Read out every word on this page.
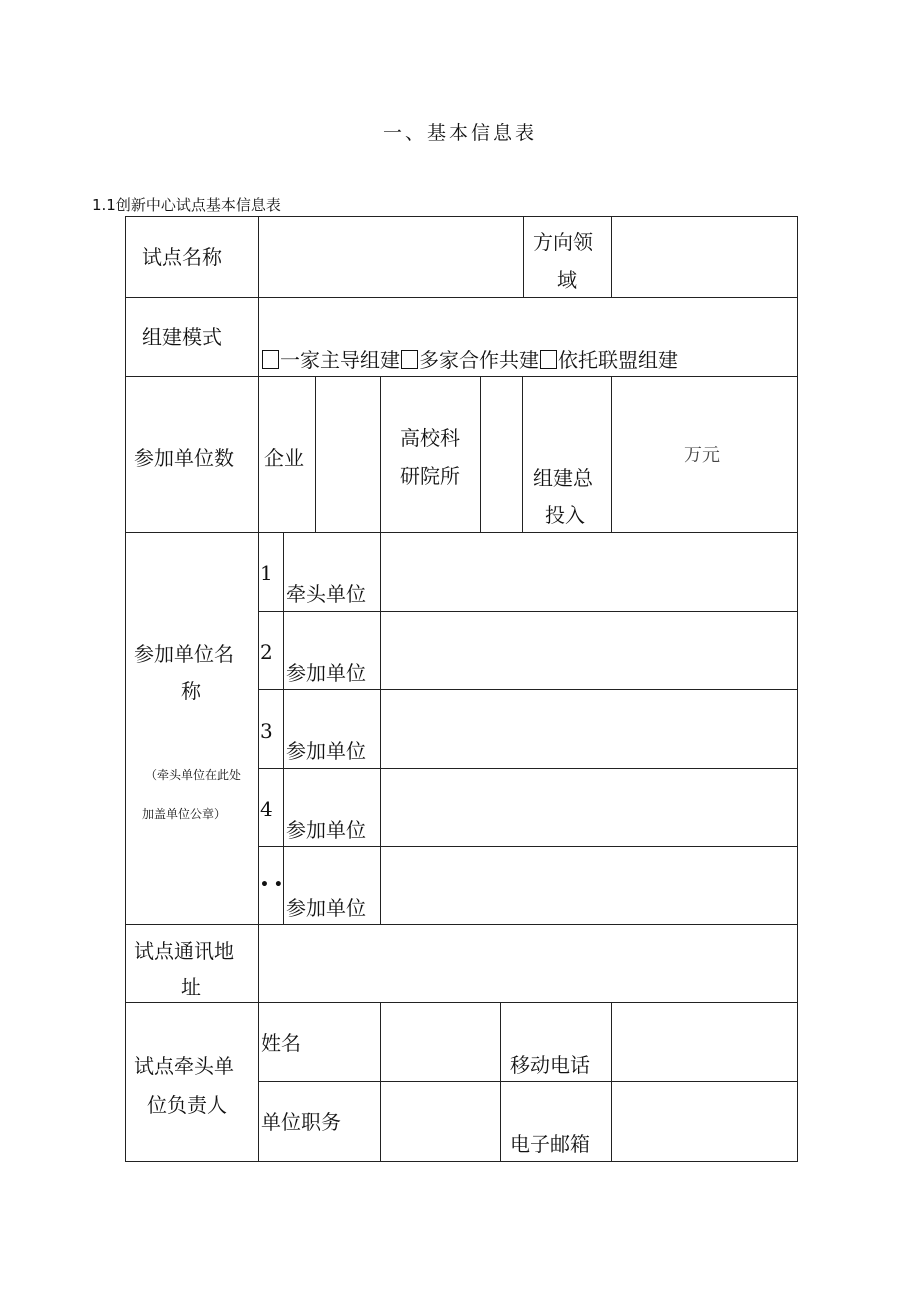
一、基本信息表
1.1创新中心试点基本信息表
试点名称
方向领
域
组建模式
一家主导组建 多家合作共建 依托联盟组建
参加单位数 企业
高校科
研院所	组建总
投入
万元
参加单位名
称
（牵头单位在此处
加盖单位公章）
1
牵头单位
2
参加单位
3
参加单位
4
参加单位
• •
参加单位
试点通讯地
址
试点牵头单
位负责人
姓名
移动电话
单位职务
电子邮箱
